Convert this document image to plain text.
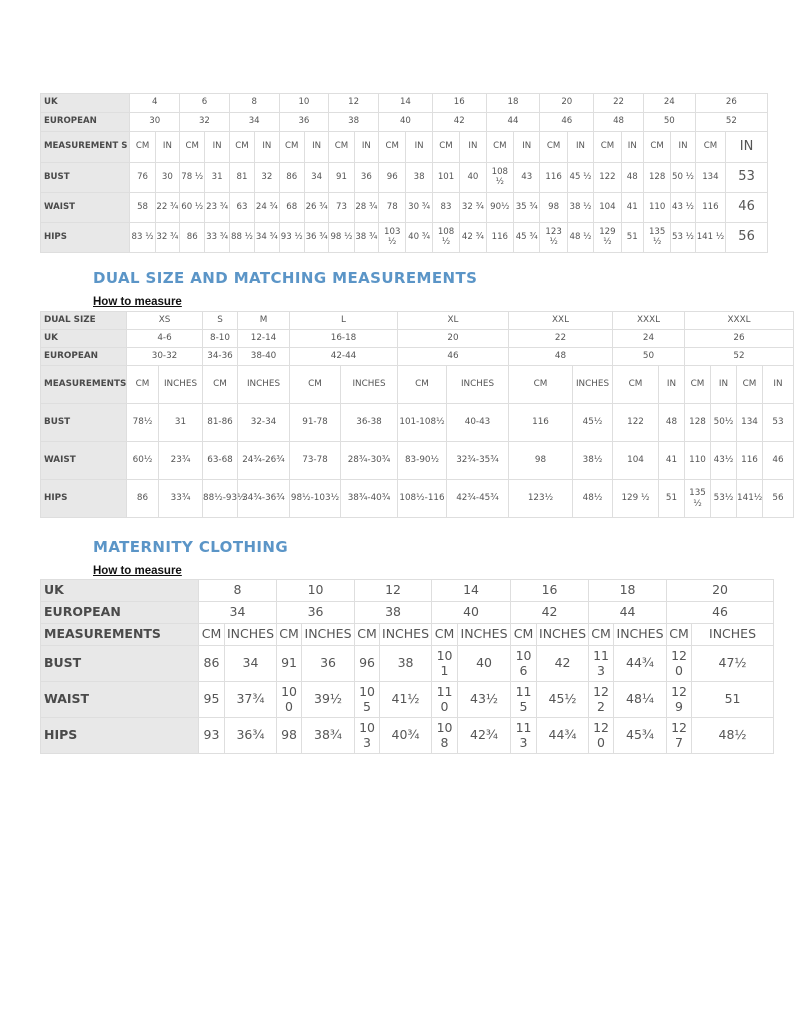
UK	4		6		8		10		12		14		16		18		20		22		24		26	
EUROPEAN	30		32		34		36		38		40		42		44		46		48		50		52	
MEASUREMENT S	CM	IN	CM	IN	CM	IN	CM	IN	CM	IN	CM	IN	CM	IN	CM	IN	CM	IN	CM	IN	CM	IN	CM	IN
BUST	76	30	78 ½	31	81	32	86	34	91	36	96	38	101	40	108 ½	43	116	45 ½	122	48	128	50 ½	134	53
WAIST	58	22 ¾	60 ½	23 ¾	63	24 ¾	68	26 ¾	73	28 ¾	78	30 ¾	83	32 ¾	90½	35 ¾	98	38 ½	104	41	110	43 ½	116	46
HIPS	83 ½	32 ¾	86	33 ¾	88 ½	34 ¾	93 ½	36 ¾	98 ½	38 ¾	103 ½	40 ¾	108 ½	42 ¾	116	45 ¾	123 ½	48 ½	129 ½	51	135 ½	53 ½	141 ½	56
DUAL SIZE AND MATCHING MEASUREMENTS
How to measure
DUAL SIZE	XS		S	M	L		XL		XXL		XXXL		XXXL			
UK	4-6		8-10	12-14	16-18		20		22		24		26			
EUROPEAN	30-32		34-36	38-40	42-44		46		48		50		52			
MEASUREMENTS	CM	INCHES	CM	INCHES	CM	INCHES	CM	INCHES	CM	INCHES	CM	IN	CM	IN	CM	IN
BUST	78½	31	81-86	32-34	91-78	36-38	101-108½	40-43	116	45½	122	48	128	50½	134	53
WAIST	60½	23¾	63-68	24¾-26¾	73-78	28¾-30¾	83-90½	32¾-35¾	98	38½	104	41	110	43½	116	46
HIPS	86	33¾	88½-93½	34¾-36¾	98½-103½	38¾-40¾	108½-116	42¾-45¾	123½	48½	129 ½	51	135 ½	53½	141½	56
MATERNITY CLOTHING
How to measure
UK	8		10		12		14		16		18		20	
EUROPEAN	34		36		38		40		42		44		46	
MEASUREMENTS	CM	INCHES	CM	INCHES	CM	INCHES	CM	INCHES	CM	INCHES	CM	INCHES	CM	INCHES
BUST	86	34	91	36	96	38	10 1	40	10 6	42	11 3	44¾	12 0	47½
WAIST	95	37¾	10 0	39½	10 5	41½	11 0	43½	11 5	45½	12 2	48¼	12 9	51
HIPS	93	36¾	98	38¾	10 3	40¾	10 8	42¾	11 3	44¾	12 0	45¾	12 7	48½
